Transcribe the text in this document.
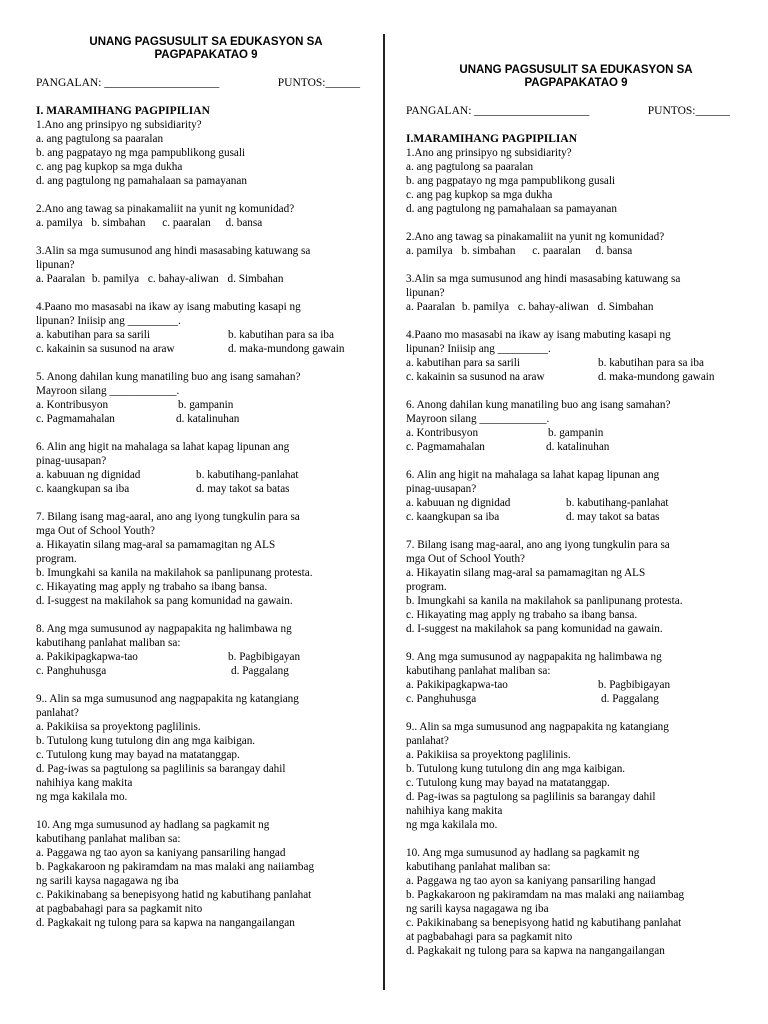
UNANG PAGSUSULIT SA EDUKASYON SA
PAGPAPAKATAO 9
PANGALAN: ____________________	PUNTOS:______
I. MARAMIHANG PAGPIPILIAN
1.Ano ang prinsipyo ng subsidiarity?
a. ang pagtulong sa paaralan
b. ang pagpatayo ng mga pampublikong gusali
c. ang pag kupkop sa mga dukha
d. ang pagtulong ng pamahalaan sa pamayanan
2.Ano ang tawag sa pinakamaliit na yunit ng komunidad?
a. pamilya b. simbahan c. paaralan d. bansa
3.Alin sa mga sumusunod ang hindi masasabing katuwang sa
lipunan?
a. Paaralan b. pamilya c. bahay-aliwan d. Simbahan
4.Paano mo masasabi na ikaw ay isang mabuting kasapi ng
lipunan? Iniisip ang _________.
a. kabutihan para sa sarili	b. kabutihan para sa iba
c. kakainin sa susunod na araw	d. maka-mundong gawain
5. Anong dahilan kung manatiling buo ang isang samahan?
Mayroon silang ____________.
a. Kontribusyon	b. gampanin
c. Pagmamahalan	d. katalinuhan
6. Alin ang higit na mahalaga sa lahat kapag lipunan ang
pinag-uusapan?
a. kabuuan ng dignidad	b. kabutihang-panlahat
c. kaangkupan sa iba	d. may takot sa batas
7. Bilang isang mag-aaral, ano ang iyong tungkulin para sa
mga Out of School Youth?
a. Hikayatin silang mag-aral sa pamamagitan ng ALS
program.
b. Imungkahi sa kanila na makilahok sa panlipunang protesta.
c. Hikayating mag apply ng trabaho sa ibang bansa.
d. I-suggest na makilahok sa pang komunidad na gawain.
8. Ang mga sumusunod ay nagpapakita ng halimbawa ng
kabutihang panlahat maliban sa:
a. Pakikipagkapwa-tao	b. Pagbibigayan
c. Panghuhusga	d. Paggalang
9.. Alin sa mga sumusunod ang nagpapakita ng katangiang
panlahat?
a. Pakikiisa sa proyektong paglilinis.
b. Tutulong kung tutulong din ang mga kaibigan.
c. Tutulong kung may bayad na matatanggap.
d. Pag-iwas sa pagtulong sa paglilinis sa barangay dahil
nahihiya kang makita
ng mga kakilala mo.
10. Ang mga sumusunod ay hadlang sa pagkamit ng
kabutihang panlahat maliban sa:
a. Paggawa ng tao ayon sa kaniyang pansariling hangad
b. Pagkakaroon ng pakiramdam na mas malaki ang naiiambag
ng sarili kaysa nagagawa ng iba
c. Pakikinabang sa benepisyong hatid ng kabutihang panlahat
at pagbabahagi para sa pagkamit nito
d. Pagkakait ng tulong para sa kapwa na nangangailangan
UNANG PAGSUSULIT SA EDUKASYON SA
PAGPAPAKATAO 9
PANGALAN: ____________________	PUNTOS:______
I.MARAMIHANG PAGPIPILIAN
1.Ano ang prinsipyo ng subsidiarity?
a. ang pagtulong sa paaralan
b. ang pagpatayo ng mga pampublikong gusali
c. ang pag kupkop sa mga dukha
d. ang pagtulong ng pamahalaan sa pamayanan
2.Ano ang tawag sa pinakamaliit na yunit ng komunidad?
a. pamilya b. simbahan c. paaralan d. bansa
3.Alin sa mga sumusunod ang hindi masasabing katuwang sa
lipunan?
a. Paaralan b. pamilya c. bahay-aliwan d. Simbahan
4.Paano mo masasabi na ikaw ay isang mabuting kasapi ng
lipunan? Iniisip ang _________.
a. kabutihan para sa sarili	b. kabutihan para sa iba
c. kakainin sa susunod na araw	d. maka-mundong gawain
6. Anong dahilan kung manatiling buo ang isang samahan?
Mayroon silang ____________.
a. Kontribusyon	b. gampanin
c. Pagmamahalan	d. katalinuhan
6. Alin ang higit na mahalaga sa lahat kapag lipunan ang
pinag-uusapan?
a. kabuuan ng dignidad	b. kabutihang-panlahat
c. kaangkupan sa iba	d. may takot sa batas
7. Bilang isang mag-aaral, ano ang iyong tungkulin para sa
mga Out of School Youth?
a. Hikayatin silang mag-aral sa pamamagitan ng ALS
program.
b. Imungkahi sa kanila na makilahok sa panlipunang protesta.
c. Hikayating mag apply ng trabaho sa ibang bansa.
d. I-suggest na makilahok sa pang komunidad na gawain.
9. Ang mga sumusunod ay nagpapakita ng halimbawa ng
kabutihang panlahat maliban sa:
a. Pakikipagkapwa-tao	b. Pagbibigayan
c. Panghuhusga	d. Paggalang
9.. Alin sa mga sumusunod ang nagpapakita ng katangiang
panlahat?
a. Pakikiisa sa proyektong paglilinis.
b. Tutulong kung tutulong din ang mga kaibigan.
c. Tutulong kung may bayad na matatanggap.
d. Pag-iwas sa pagtulong sa paglilinis sa barangay dahil
nahihiya kang makita
ng mga kakilala mo.
10. Ang mga sumusunod ay hadlang sa pagkamit ng
kabutihang panlahat maliban sa:
a. Paggawa ng tao ayon sa kaniyang pansariling hangad
b. Pagkakaroon ng pakiramdam na mas malaki ang naiiambag
ng sarili kaysa nagagawa ng iba
c. Pakikinabang sa benepisyong hatid ng kabutihang panlahat
at pagbabahagi para sa pagkamit nito
d. Pagkakait ng tulong para sa kapwa na nangangailangan
